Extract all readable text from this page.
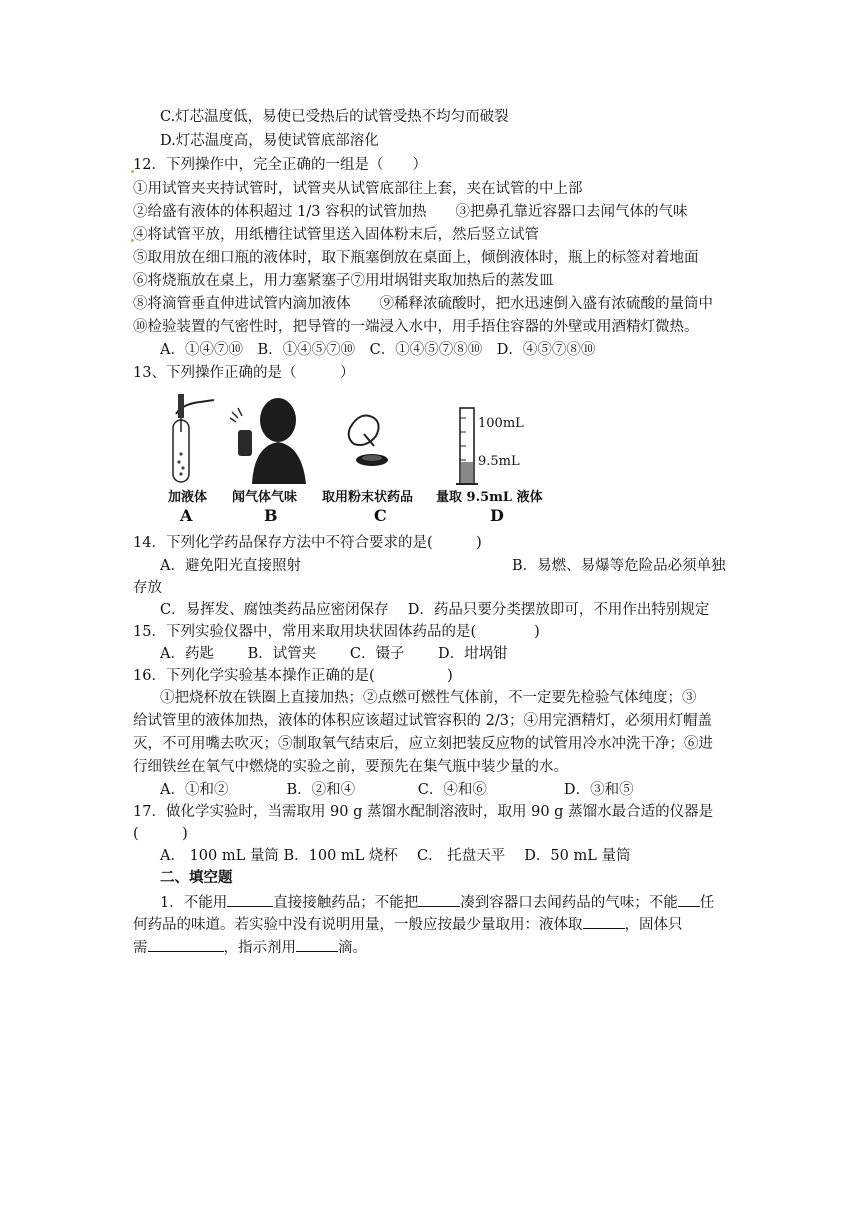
C.灯芯温度低，易使已受热后的试管受热不均匀而破裂
D.灯芯温度高，易使试管底部溶化
12．下列操作中，完全正确的一组是（　　）
①用试管夹夹持试管时，试管夹从试管底部往上套，夹在试管的中上部
②给盛有液体的体积超过 1/3 容积的试管加热　　③把鼻孔靠近容器口去闻气体的气味
④将试管平放，用纸槽往试管里送入固体粉末后，然后竖立试管
⑤取用放在细口瓶的液体时，取下瓶塞倒放在桌面上，倾倒液体时，瓶上的标签对着地面
⑥将烧瓶放在桌上，用力塞紧塞子⑦用坩埚钳夹取加热后的蒸发皿
⑧将滴管垂直伸进试管内滴加液体　　⑨稀释浓硫酸时，把水迅速倒入盛有浓硫酸的量筒中
⑩检验装置的气密性时，把导管的一端浸入水中，用手捂住容器的外壁或用酒精灯微热。
A．①④⑦⑩　B．①④⑤⑦⑩　C．①④⑤⑦⑧⑩　D．④⑤⑦⑧⑩
13、下列操作正确的是（　　　）
100mL
9.5mL
加液体 闻气体气味 取用粉末状药品 量取 9.5mL 液体
A	B	C	D
14．下列化学药品保存方法中不符合要求的是(　　　)
A．避免阳光直接照射	B．易燃、易爆等危险品必须单独
存放
C．易挥发、腐蚀类药品应密闭保存　 D．药品只要分类摆放即可，不用作出特别规定
15．下列实验仪器中，常用来取用块状固体药品的是(　　　　)
A．药匙　　 B．试管夹　　 C．镊子　　 D．坩埚钳
16．下列化学实验基本操作正确的是(　　　　　)
①把烧杯放在铁圈上直接加热；②点燃可燃性气体前，不一定要先检验气体纯度；③
给试管里的液体加热，液体的体积应该超过试管容积的 2/3；④用完酒精灯，必须用灯帽盖
灭，不可用嘴去吹灭；⑤制取氧气结束后，应立刻把装反应物的试管用冷水冲洗干净；⑥进
行细铁丝在氧气中燃烧的实验之前，要预先在集气瓶中装少量的水。
A．①和②　　　　B．②和④　　　　 C．④和⑥　　　　　 D．③和⑤
17．做化学实验时，当需取用 90 g 蒸馏水配制溶液时，取用 90 g 蒸馏水最合适的仪器是
(　　　)
A． 100 mL 量筒 B．100 mL 烧杯　 C． 托盘天平　 D．50 mL 量筒
二、填空题
1．不能用	直接接触药品；不能把	凑到容器口去闻药品的气味；不能 任
何药品的味道。若实验中没有说明用量，一般应按最少量取用：液体取	，固体只
需	，指示剂用	滴。
